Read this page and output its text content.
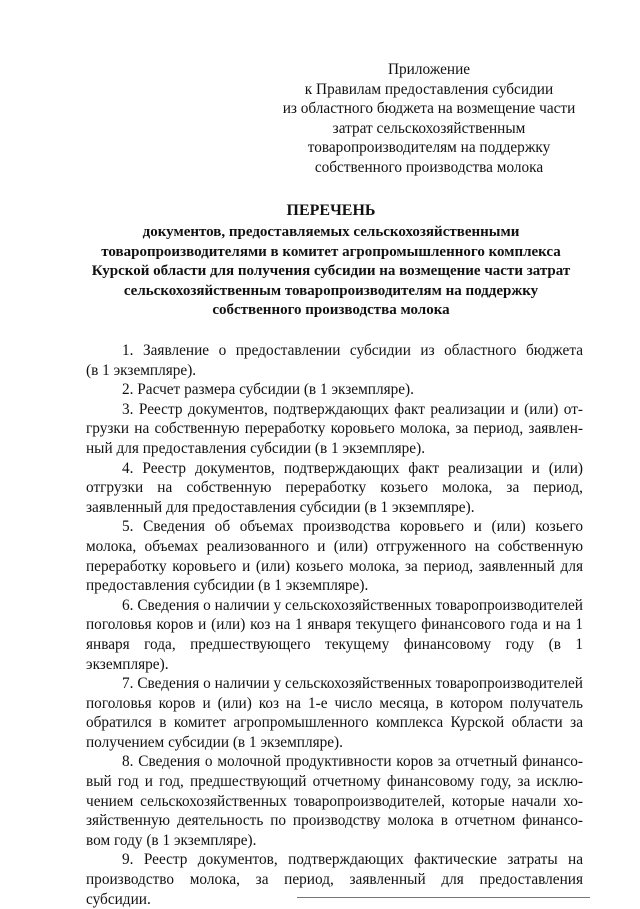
Приложение
к Правилам предоставления субсидии
из областного бюджета на возмещение части
затрат сельскохозяйственным
товаропроизводителям на поддержку
собственного производства молока
ПЕРЕЧЕНЬ
документов, предоставляемых сельскохозяйственными
товаропроизводителями в комитет агропромышленного комплекса
Курской области для получения субсидии на возмещение части затрат
сельскохозяйственным товаропроизводителям на поддержку
собственного производства молока
1. Заявление о предоставлении субсидии из областного бюджета
(в 1 экземпляре).
2. Расчет размера субсидии (в 1 экземпляре).
3. Реестр документов, подтверждающих факт реализации и (или) от-
грузки на собственную переработку коровьего молока, за период, заявлен-
ный для предоставления субсидии (в 1 экземпляре).
4. Реестр документов, подтверждающих факт реализации и (или)
отгрузки на собственную переработку козьего молока, за период,
заявленный для предоставления субсидии (в 1 экземпляре).
5. Сведения об объемах производства коровьего и (или) козьего
молока, объемах реализованного и (или) отгруженного на собственную
переработку коровьего и (или) козьего молока, за период, заявленный для
предоставления субсидии (в 1 экземпляре).
6. Сведения о наличии у сельскохозяйственных товаропроизводителей
поголовья коров и (или) коз на 1 января текущего финансового года и на 1
января года, предшествующего текущему финансовому году (в 1
экземпляре).
7. Сведения о наличии у сельскохозяйственных товаропроизводителей
поголовья коров и (или) коз на 1-е число месяца, в котором получатель
обратился в комитет агропромышленного комплекса Курской области за
получением субсидии (в 1 экземпляре).
8. Сведения о молочной продуктивности коров за отчетный финансо-
вый год и год, предшествующий отчетному финансовому году, за исклю-
чением сельскохозяйственных товаропроизводителей, которые начали хо-
зяйственную деятельность по производству молока в отчетном финансо-
вом году (в 1 экземпляре).
9. Реестр документов, подтверждающих фактические затраты на
производство молока, за период, заявленный для предоставления
субсидии.
